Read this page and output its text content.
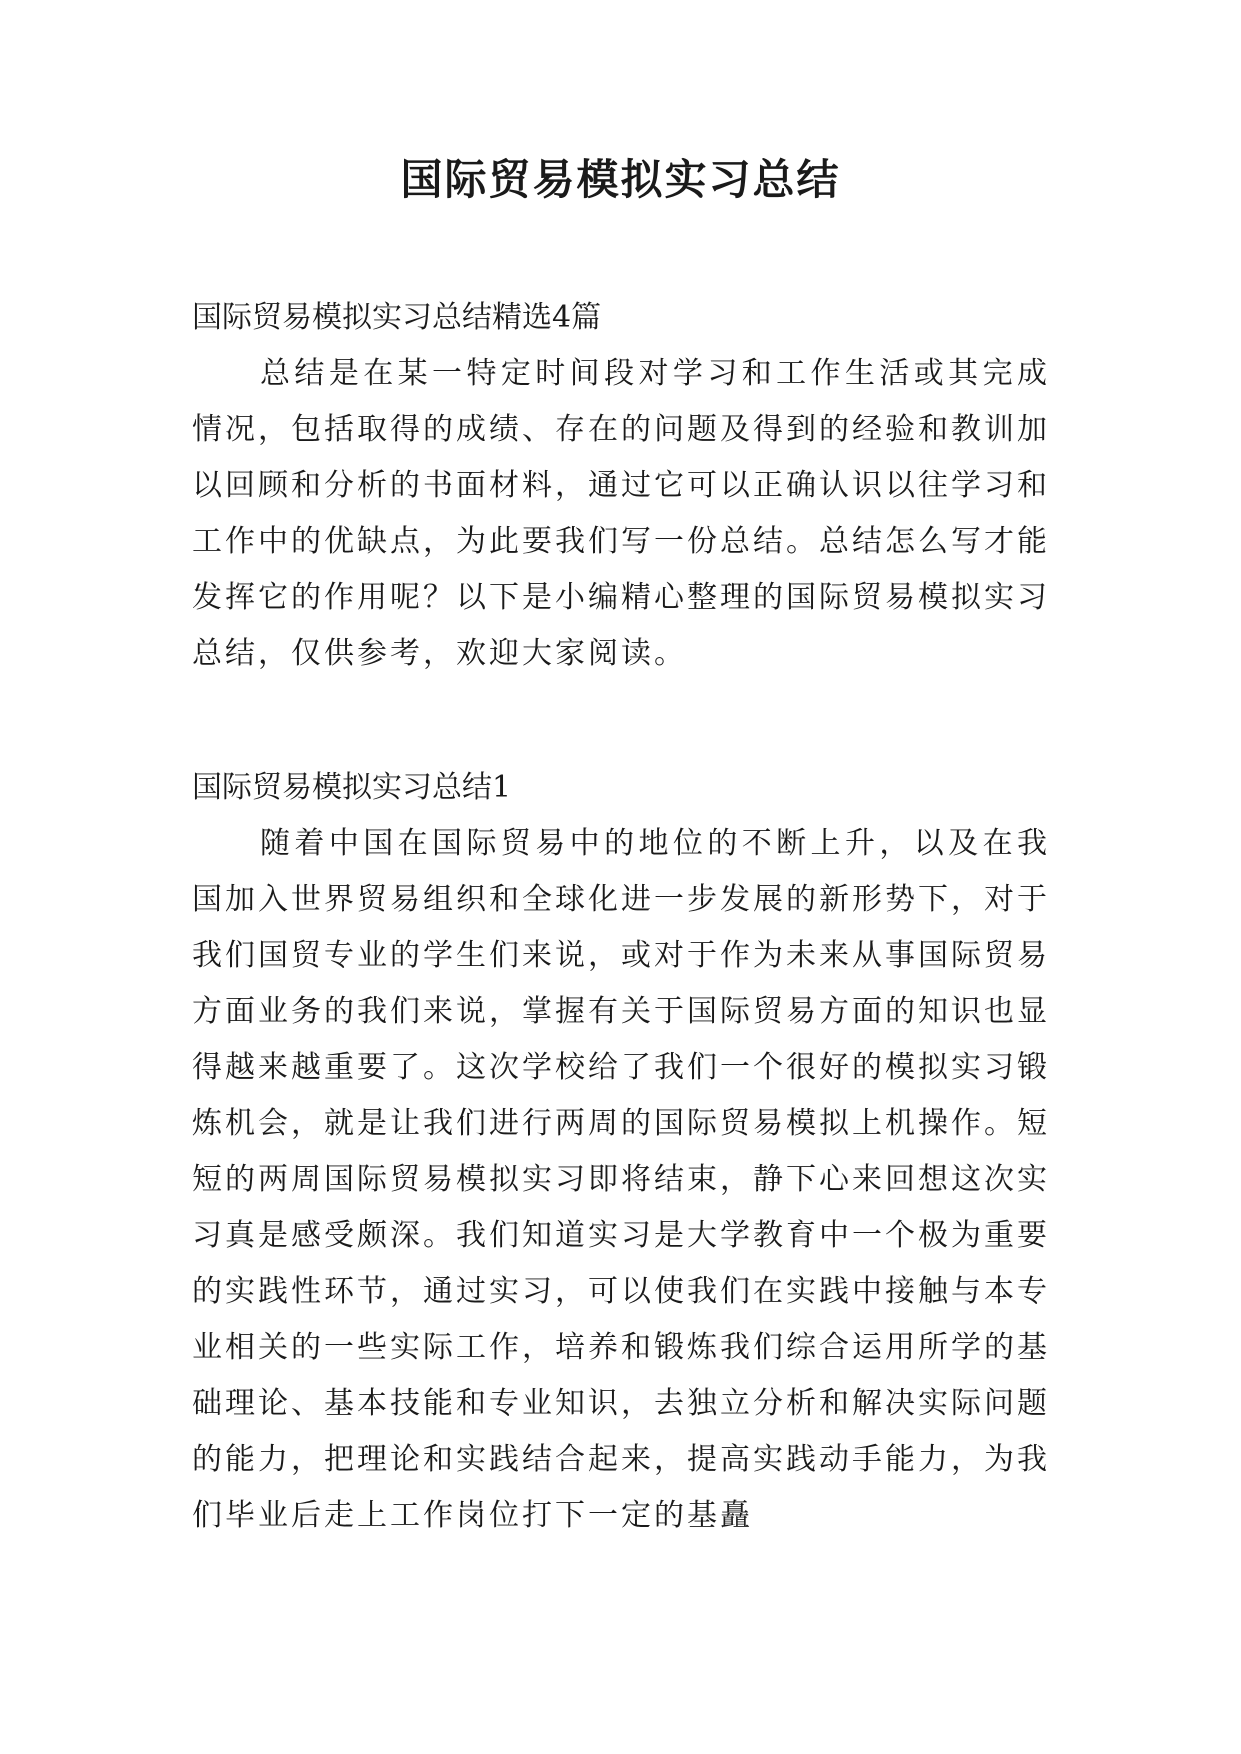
国际贸易模拟实习总结

国际贸易模拟实习总结精选4篇

总结是在某一特定时间段对学习和工作生活或其完成情况，包括取得的成绩、存在的问题及得到的经验和教训加以回顾和分析的书面材料，通过它可以正确认识以往学习和工作中的优缺点，为此要我们写一份总结。总结怎么写才能发挥它的作用呢？以下是小编精心整理的国际贸易模拟实习总结，仅供参考，欢迎大家阅读。

国际贸易模拟实习总结1

随着中国在国际贸易中的地位的不断上升，以及在我国加入世界贸易组织和全球化进一步发展的新形势下，对于我们国贸专业的学生们来说，或对于作为未来从事国际贸易方面业务的我们来说，掌握有关于国际贸易方面的知识也显得越来越重要了。这次学校给了我们一个很好的模拟实习锻炼机会，就是让我们进行两周的国际贸易模拟上机操作。短短的两周国际贸易模拟实习即将结束，静下心来回想这次实习真是感受颇深。我们知道实习是大学教育中一个极为重要的实践性环节，通过实习，可以使我们在实践中接触与本专业相关的一些实际工作，培养和锻炼我们综合运用所学的基础理论、基本技能和专业知识，去独立分析和解决实际问题的能力，把理论和实践结合起来，提高实践动手能力，为我们毕业后走上工作岗位打下一定的基矗
